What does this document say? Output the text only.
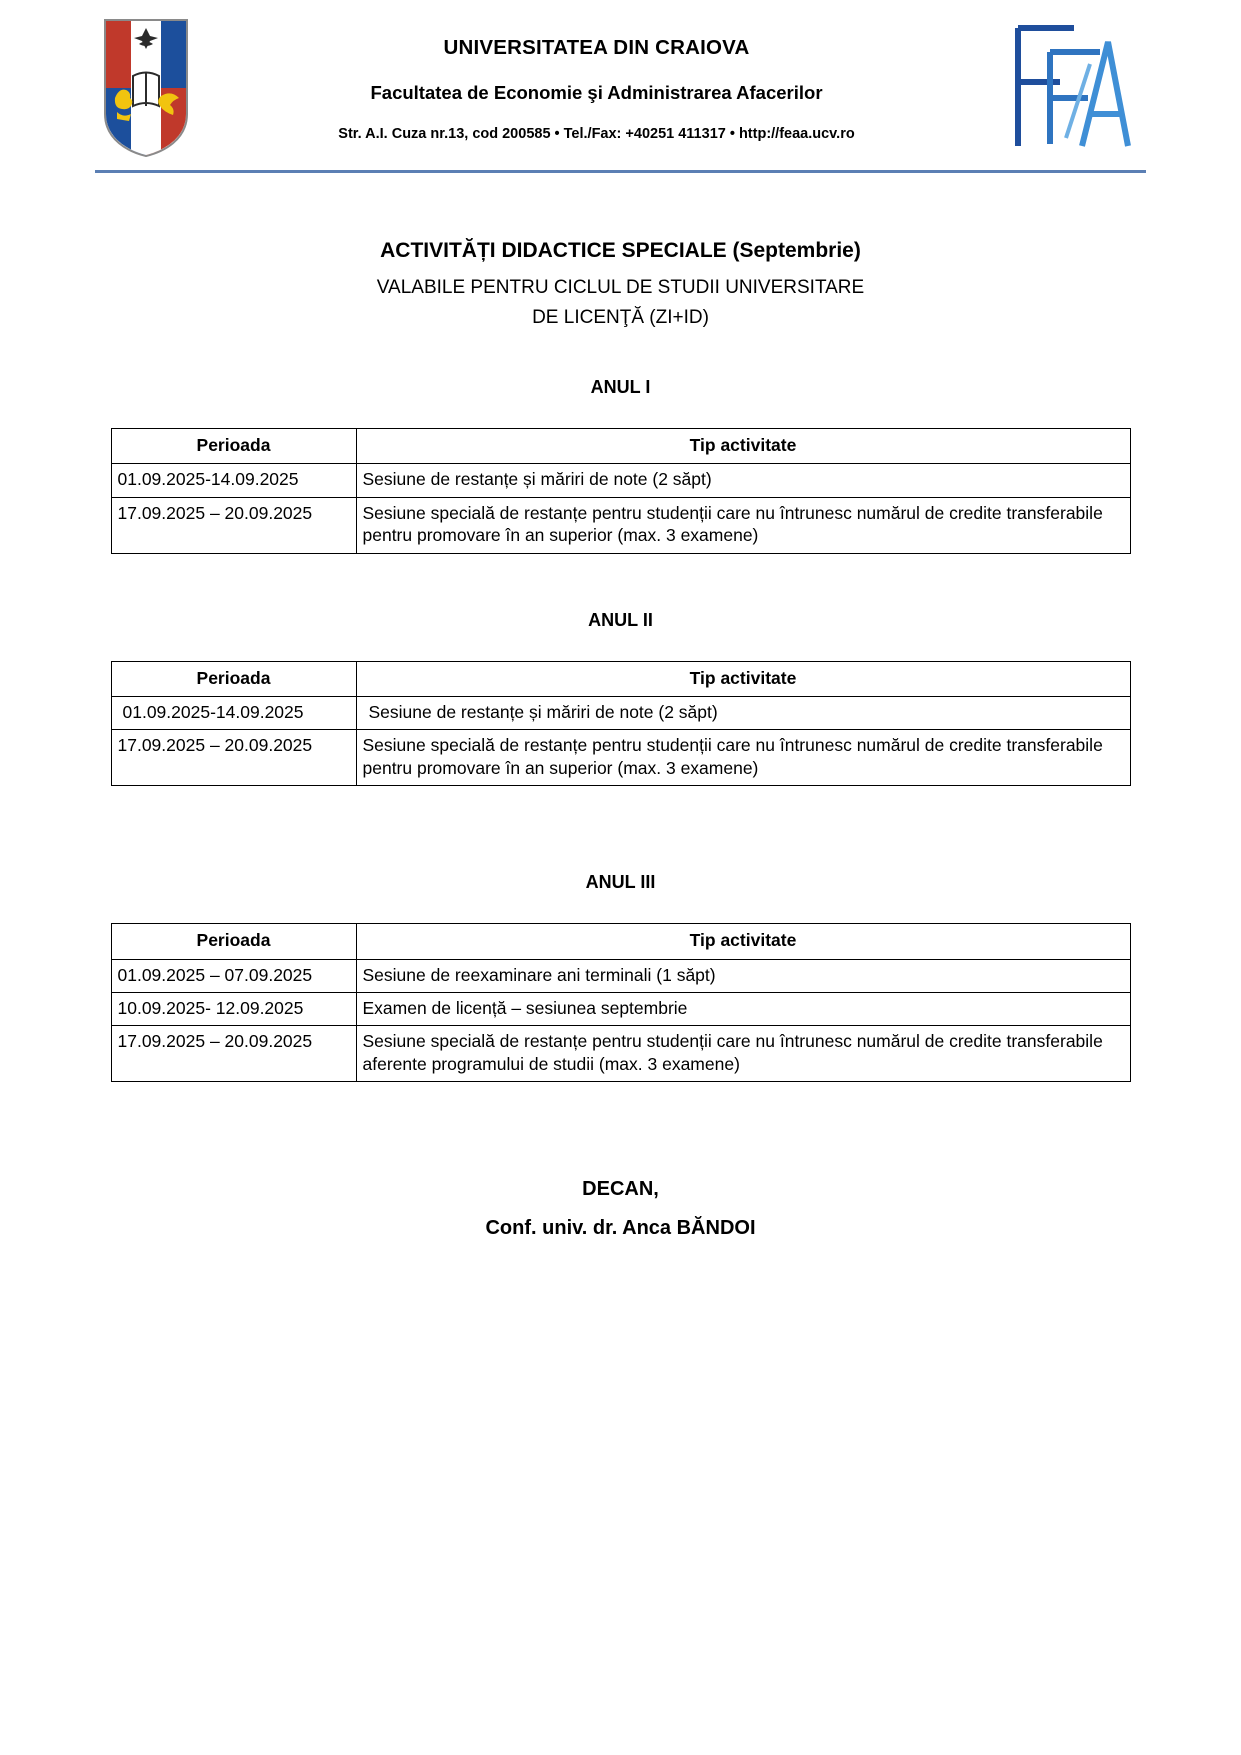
UNIVERSITATEA DIN CRAIOVA
Facultatea de Economie şi Administrarea Afacerilor
Str. A.I. Cuza nr.13, cod 200585 • Tel./Fax: +40251 411317 • http://feaa.ucv.ro
ACTIVITĂȚI DIDACTICE SPECIALE (Septembrie)
VALABILE PENTRU CICLUL DE STUDII UNIVERSITARE
DE LICENŢĂ (ZI+ID)
ANUL I
Perioada	Tip activitate
01.09.2025-14.09.2025	Sesiune de restanțe și măriri de note (2 săpt)
17.09.2025 – 20.09.2025	Sesiune specială de restanțe pentru studenții care nu întrunesc numărul de credite transferabile pentru promovare în an superior (max. 3 examene)
ANUL II
Perioada	Tip activitate
01.09.2025-14.09.2025	Sesiune de restanțe și măriri de note (2 săpt)
17.09.2025 – 20.09.2025	Sesiune specială de restanțe pentru studenții care nu întrunesc numărul de credite transferabile pentru promovare în an superior (max. 3 examene)
ANUL III
Perioada	Tip activitate
01.09.2025 – 07.09.2025	Sesiune de reexaminare ani terminali (1 săpt)
10.09.2025- 12.09.2025	Examen de licență – sesiunea septembrie
17.09.2025 – 20.09.2025	Sesiune specială de restanțe pentru studenții care nu întrunesc numărul de credite transferabile aferente programului de studii (max. 3 examene)
DECAN,
Conf. univ. dr. Anca BĂNDOI
